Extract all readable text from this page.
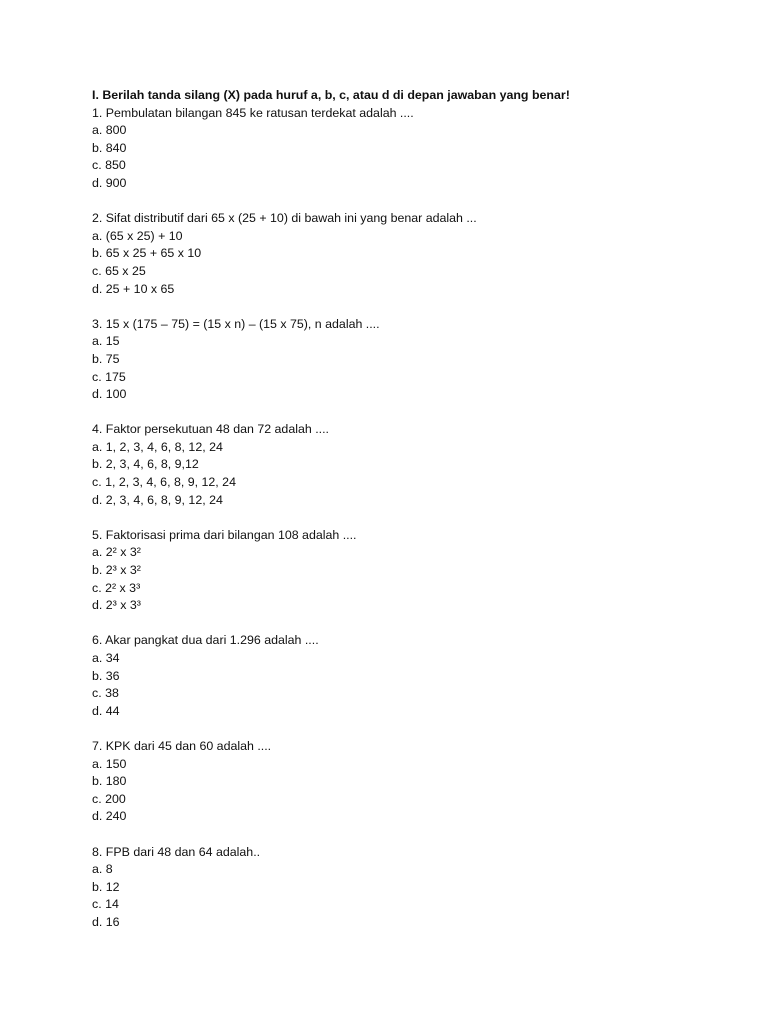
I. Berilah tanda silang (X) pada huruf a, b, c, atau d di depan jawaban yang benar!

1. Pembulatan bilangan 845 ke ratusan terdekat adalah ....

a. 800

b. 840

c. 850

d. 900

2. Sifat distributif dari 65 x (25 + 10) di bawah ini yang benar adalah ...

a. (65 x 25) + 10

b. 65 x 25 + 65 x 10

c. 65 x 25

d. 25 + 10 x 65

3. 15 x (175 – 75) = (15 x n) – (15 x 75), n adalah ....

a. 15

b. 75

c. 175

d. 100

4. Faktor persekutuan 48 dan 72 adalah ....

a. 1, 2, 3, 4, 6, 8, 12, 24

b. 2, 3, 4, 6, 8, 9,12

c. 1, 2, 3, 4, 6, 8, 9, 12, 24

d. 2, 3, 4, 6, 8, 9, 12, 24

5. Faktorisasi prima dari bilangan 108 adalah ....

a. 2² x 3²

b. 2³ x 3²

c. 2² x 3³

d. 2³ x 3³

6. Akar pangkat dua dari 1.296 adalah ....

a. 34

b. 36

c. 38

d. 44

7. KPK dari 45 dan 60 adalah ....

a. 150

b. 180

c. 200

d. 240

8. FPB dari 48 dan 64 adalah..

a. 8

b. 12

c. 14

d. 16
